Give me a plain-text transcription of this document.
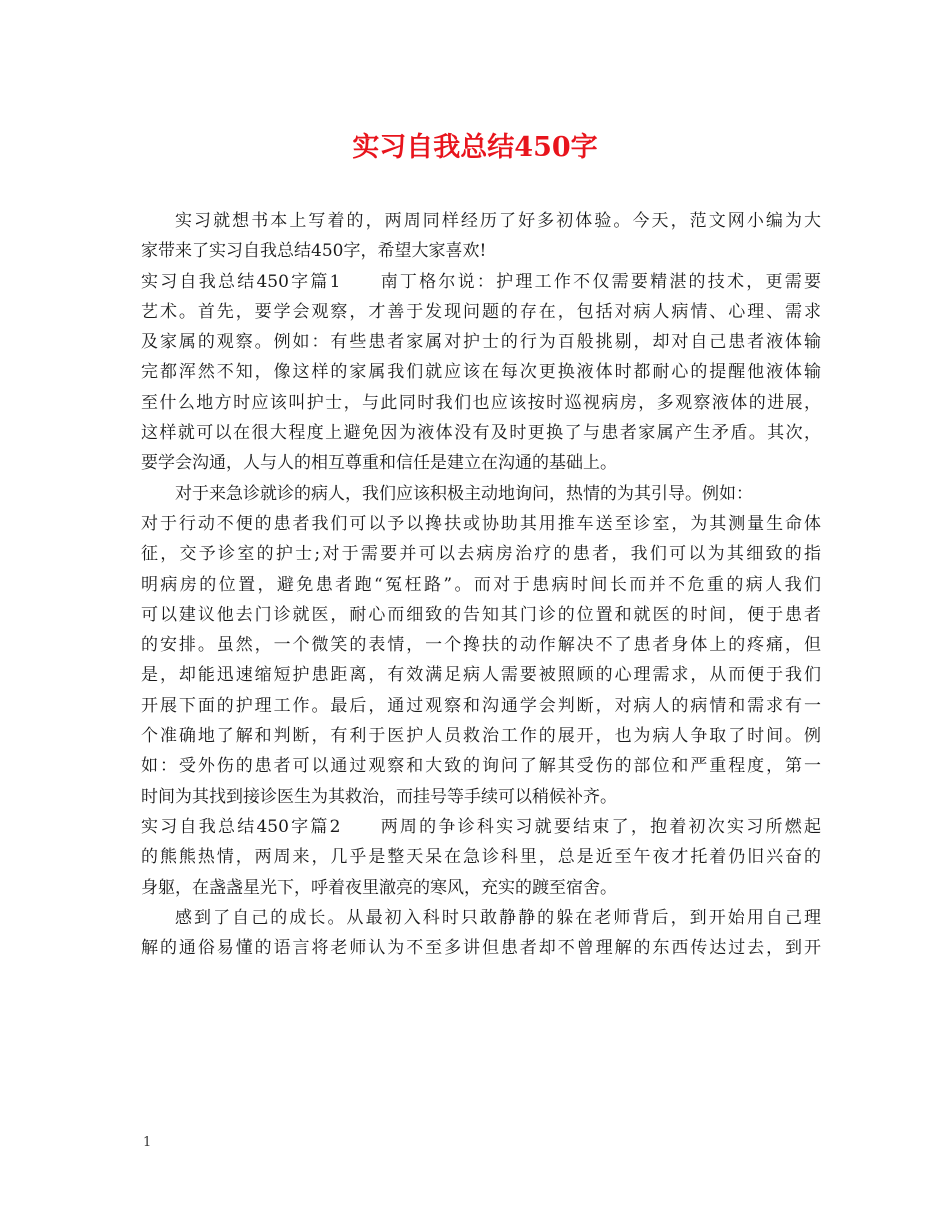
实习自我总结450字
实习就想书本上写着的，两周同样经历了好多初体验。今天，范文网小编为大
家带来了实习自我总结450字，希望大家喜欢!
实习自我总结450字篇1 南丁格尔说：护理工作不仅需要精湛的技术，更需要
艺术。首先，要学会观察，才善于发现问题的存在，包括对病人病情、心理、需求
及家属的观察。例如：有些患者家属对护士的行为百般挑剔，却对自己患者液体输
完都浑然不知，像这样的家属我们就应该在每次更换液体时都耐心的提醒他液体输
至什么地方时应该叫护士，与此同时我们也应该按时巡视病房，多观察液体的进展，
这样就可以在很大程度上避免因为液体没有及时更换了与患者家属产生矛盾。其次，
要学会沟通，人与人的相互尊重和信任是建立在沟通的基础上。
对于来急诊就诊的病人，我们应该积极主动地询问，热情的为其引导。例如：
对于行动不便的患者我们可以予以搀扶或协助其用推车送至诊室，为其测量生命体
征，交予诊室的护士;对于需要并可以去病房治疗的患者，我们可以为其细致的指
明病房的位置，避免患者跑“冤枉路”。而对于患病时间长而并不危重的病人我们
可以建议他去门诊就医，耐心而细致的告知其门诊的位置和就医的时间，便于患者
的安排。虽然，一个微笑的表情，一个搀扶的动作解决不了患者身体上的疼痛，但
是，却能迅速缩短护患距离，有效满足病人需要被照顾的心理需求，从而便于我们
开展下面的护理工作。最后，通过观察和沟通学会判断，对病人的病情和需求有一
个准确地了解和判断，有利于医护人员救治工作的展开，也为病人争取了时间。例
如：受外伤的患者可以通过观察和大致的询问了解其受伤的部位和严重程度，第一
时间为其找到接诊医生为其救治，而挂号等手续可以稍候补齐。
实习自我总结450字篇2 两周的争诊科实习就要结束了，抱着初次实习所燃起
的熊熊热情，两周来，几乎是整天呆在急诊科里，总是近至午夜才托着仍旧兴奋的
身躯，在盏盏星光下，呼着夜里澈亮的寒风，充实的踱至宿舍。
感到了自己的成长。从最初入科时只敢静静的躲在老师背后，到开始用自己理
解的通俗易懂的语言将老师认为不至多讲但患者却不曾理解的东西传达过去，到开
1
